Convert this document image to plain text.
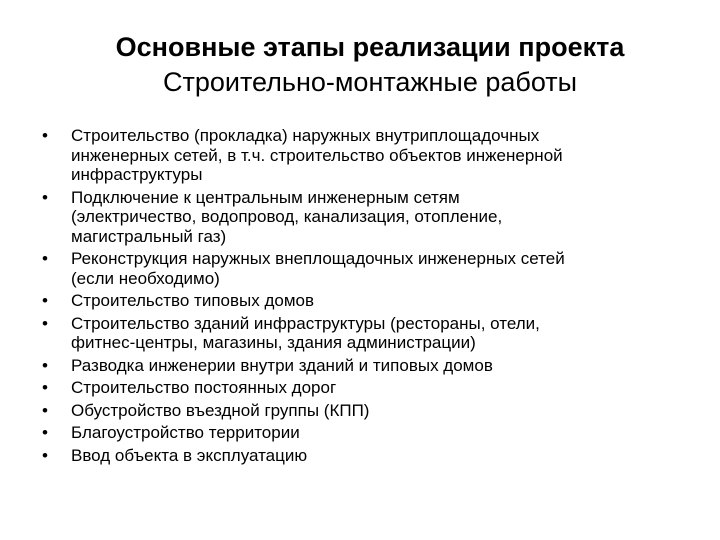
Основные этапы реализации проекта

Строительно-монтажные работы

• Строительство (прокладка) наружных внутриплощадочных
инженерных сетей, в т.ч. строительство объектов инженерной
инфраструктуры
• Подключение к центральным инженерным сетям
(электричество, водопровод, канализация, отопление,
магистральный газ)
• Реконструкция наружных внеплощадочных инженерных сетей
(если необходимо)
• Строительство типовых домов
• Строительство зданий инфраструктуры (рестораны, отели,
фитнес-центры, магазины, здания администрации)
• Разводка инженерии внутри зданий и типовых домов
• Строительство постоянных дорог
• Обустройство въездной группы (КПП)
• Благоустройство территории
• Ввод объекта в эксплуатацию
